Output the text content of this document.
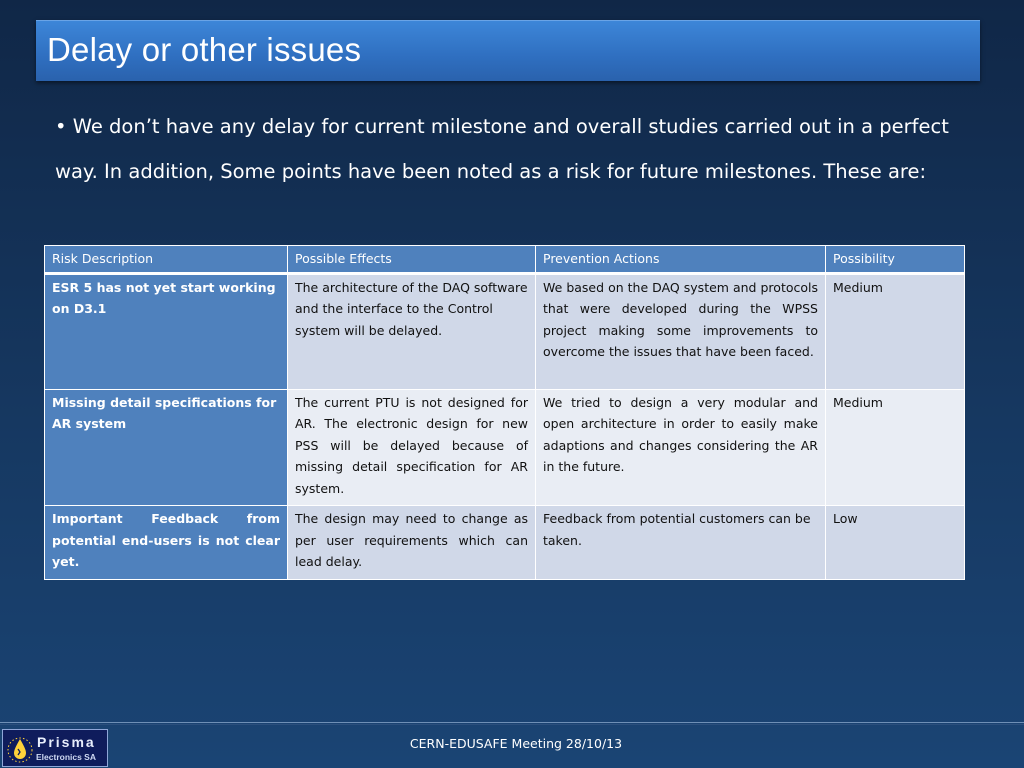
Delay or other issues
• We don’t have any delay for current milestone and overall studies carried out in a perfect way. In addition, Some points have been noted as a risk for future milestones. These are:
Risk Description	Possible Effects	Prevention Actions	Possibility
ESR 5 has not yet start working on D3.1	The architecture of the DAQ software and the interface to the Control system will be delayed.	We based on the DAQ system and protocols that were developed during the WPSS project making some improvements to overcome the issues that have been faced.	Medium
Missing detail specifications for AR system	The current PTU is not designed for AR. The electronic design for new PSS will be delayed because of missing detail specification for AR system.	We tried to design a very modular and open architecture in order to easily make adaptions and changes considering the AR in the future.	Medium
Important Feedback from potential end-users is not clear yet.	The design may need to change as per user requirements which can lead delay.	Feedback from potential customers can be taken.	Low
Prisma
Electronics SA
CERN-EDUSAFE Meeting 28/10/13
